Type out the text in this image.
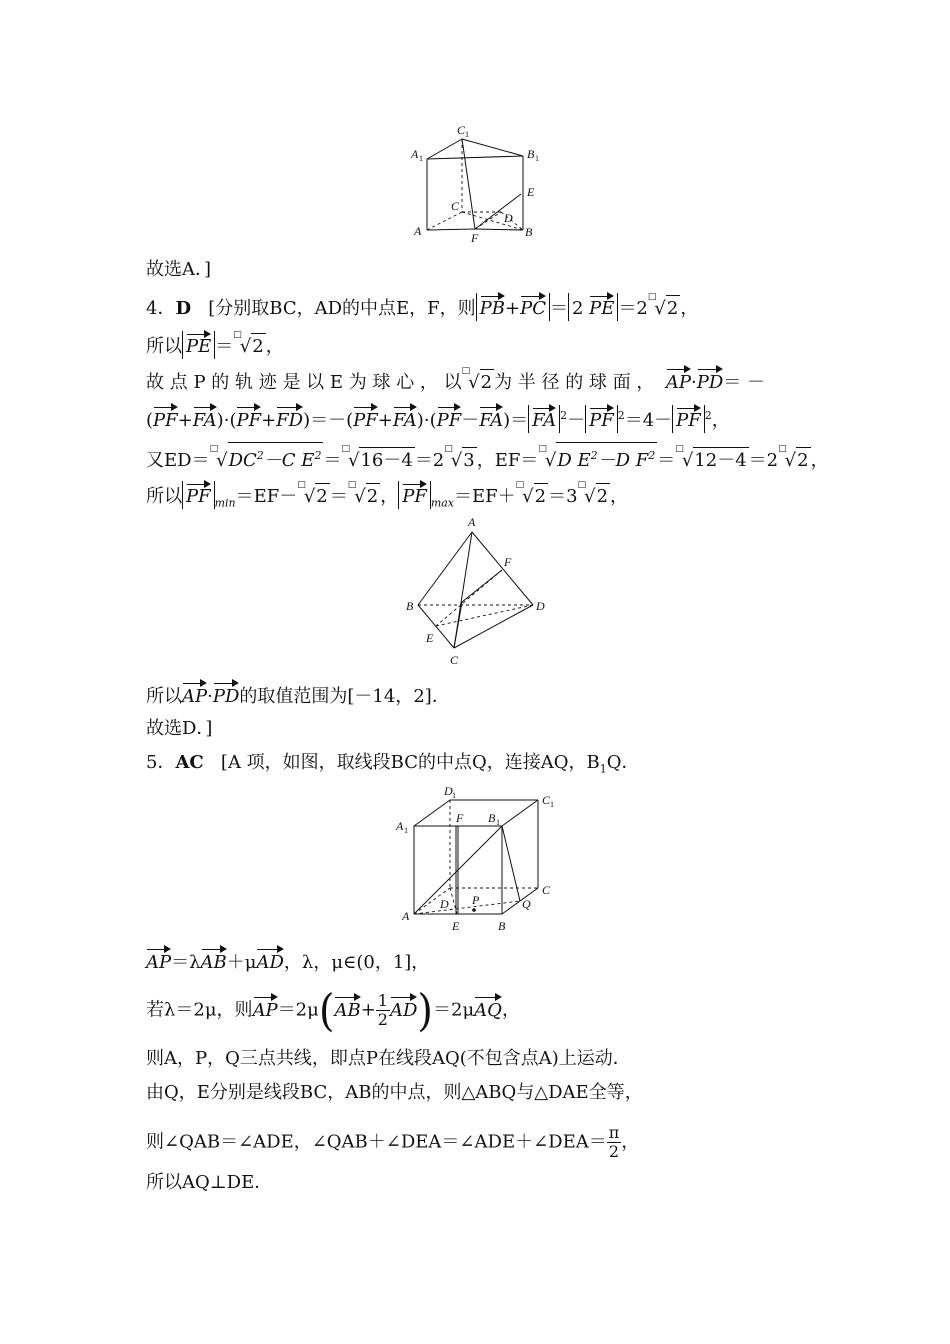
C 1
A 1	B 1
E
C
D
A	F	B
故选A．]
4．D [分别取BC，AD的中点E，F，则 PB+PC ＝ 2 PE ＝2□√2 ，
所以 PE ＝□√2 ，
故 点 P 的 轨 迹 是 以 E 为 球 心 ， 以□√2 为 半 径 的 球 面 ， AP·PD＝ －
(PF+FA)·(PF+FD)＝－(PF+FA)·(PF－FA)＝ FA $^2$－ PF $^2$＝4－ PF $^2$，
又$ED=^□√DC^2-C$ $E^2 =^□√16-4 =2^□√3$ ，EF＝□√D $E^2-D$ $F^2 =^□√12-4 =2^□√2$ ，
所以 PF $_{min}$＝EF－□√2 ＝□√2 ， PF $_{max}$＝EF＋□√2 ＝3□√2 ，
A
F
B	D
E
C
所以AP·PD的取值范围为[－14，2]．
故选D．]
5．AC [A 项，如图，取线段BC的中点Q，连接AQ，$B_1Q$．
D 1	C 1
A 1
F B 1
C
D P	Q
A
E	B
AP＝λAB＋μAD，λ，μ∈(0，1]，
若λ＝2μ，则$AP=2\mu(AB+ \frac{1}{2} AD)=2\mu AQ$，
则A，P，Q三点共线，即点P在线段AQ(不包含点A)上运动．
由Q，E分别是线段BC，AB的中点，则△ABQ与△DAE全等，
则∠QAB＝∠ADE，∠QAB＋∠DEA＝∠ADE＋∠DEA＝ $\frac{\pi}{2}$ ，
所以AQ⊥DE．
